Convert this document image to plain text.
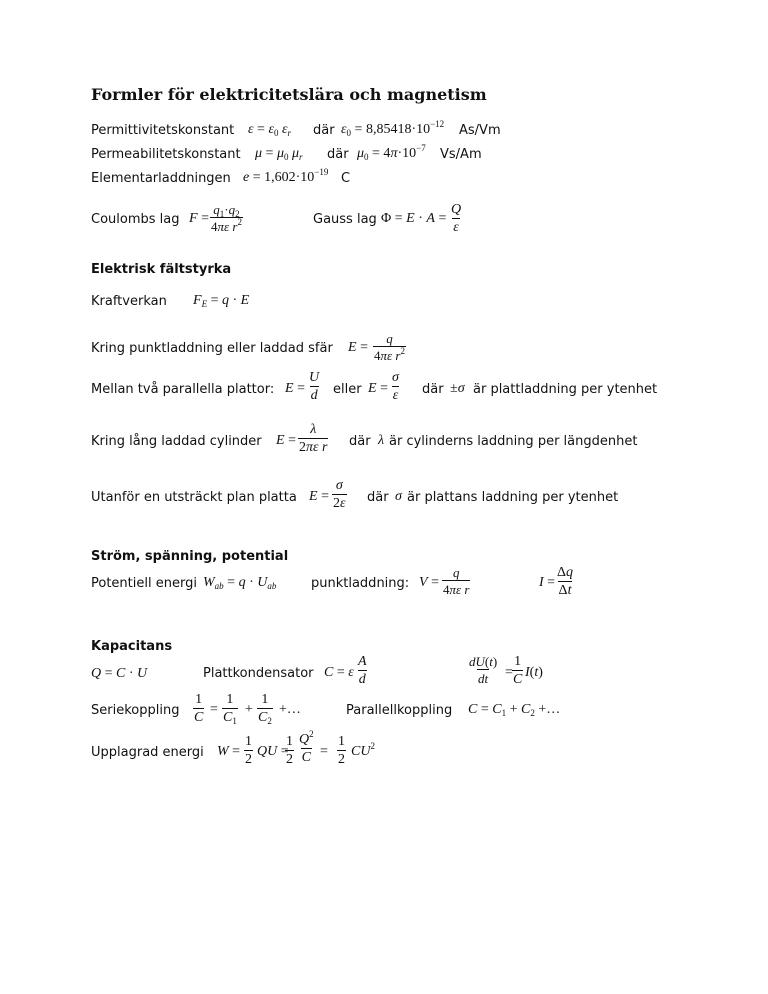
Formler för elektricitetslära och magnetism
Permittivitetskonstant $\varepsilon = \varepsilon_0$ $\varepsilon_r$ där $\varepsilon_0 = 8,85418\cdot 10^{-12}$ As/Vm
Permeabilitetskonstant $\mu = \mu_0$ $\mu_r$ där $\mu_0 = 4\pi\cdot 10^{-7}$ Vs/Am
Elementarladdningen $e = 1,602\cdot 10^{-19}$ C
Coulombs lag F =
$q_1\cdot q_2$
4πε $r^2$	Gauss lag Φ = E · A =
Q
ε
Elektrisk fältstyrka
Kraftverkan $F_E = q \cdot E$
Kring punktladdning eller laddad sfär E =
q
4πε $r^2$
Mellan två parallella plattor: E =
U
d eller E =
σ
ε där ±σ är plattladdning per ytenhet
Kring lång laddad cylinder E =
λ
2πε r där λ är cylinderns laddning per längdenhet
Utanför en utsträckt plan platta E =
σ
2ε där σ är plattans laddning per ytenhet
Ström, spänning, potential
Potentiell energi $W_{ab} = q \cdot U_{ab}$	punktladdning: V =
q
4πε r	I =
Δq
Δt
Kapacitans
Q = C · U	Plattkondensator C = ε
A
d
dU(t)
dt =
1
C I(t)
Seriekoppling
1
C
=
1
$C_1$
+
1
$C_2$
+…	Parallellkoppling $C = C_1 + C_2$ +…
Upplagrad energi W =
1
2
QU =
1
2
$Q^2$
C =
1
2
$CU^2$
